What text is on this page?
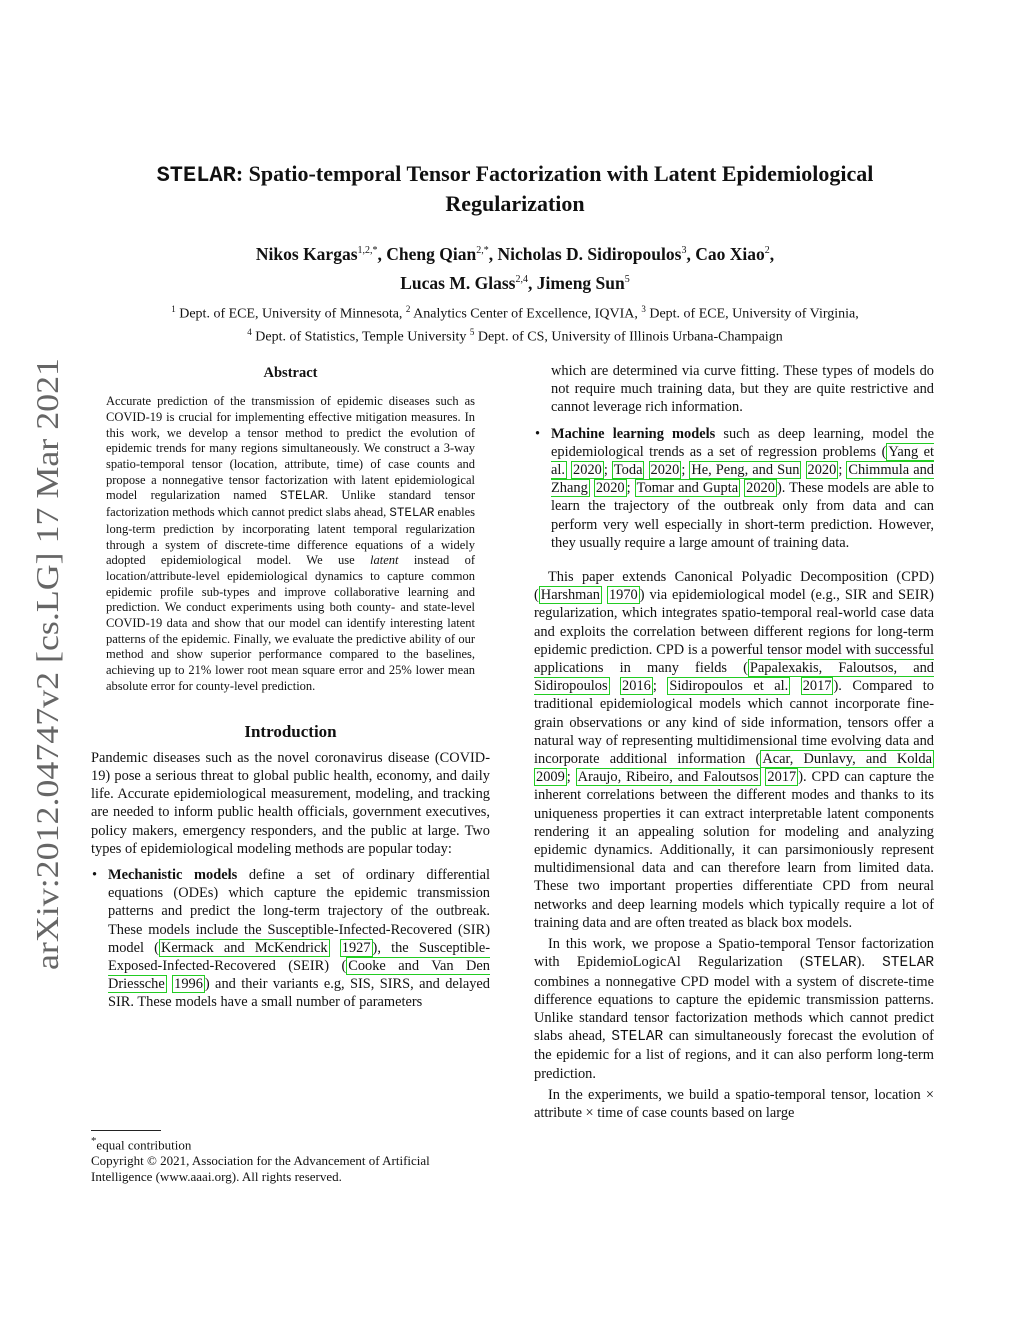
arXiv:2012.04747v2 [cs.LG] 17 Mar 2021
STELAR: Spatio-temporal Tensor Factorization with Latent Epidemiological Regularization
Nikos Kargas$^{1,2,*}$, Cheng Qian$^{2,*}$, Nicholas D. Sidiropoulos$^3$, Cao Xiao$^2$,
Lucas M. Glass$^{2,4}$, Jimeng Sun$^5$
$^1$ Dept. of ECE, University of Minnesota, $^2$ Analytics Center of Excellence, IQVIA, $^3$ Dept. of ECE, University of Virginia,
$^4$ Dept. of Statistics, Temple University $^5$ Dept. of CS, University of Illinois Urbana-Champaign
Abstract

Accurate prediction of the transmission of epidemic diseases such as COVID-19 is crucial for implementing effective mitigation measures. In this work, we develop a tensor method to predict the evolution of epidemic trends for many regions simultaneously. We construct a 3-way spatio-temporal tensor (location, attribute, time) of case counts and propose a nonnegative tensor factorization with latent epidemiological model regularization named STELAR. Unlike standard tensor factorization methods which cannot predict slabs ahead, STELAR enables long-term prediction by incorporating latent temporal regularization through a system of discrete-time difference equations of a widely adopted epidemiological model. We use latent instead of location/attribute-level epidemiological dynamics to capture common epidemic profile sub-types and improve collaborative learning and prediction. We conduct experiments using both county- and state-level COVID-19 data and show that our model can identify interesting latent patterns of the epidemic. Finally, we evaluate the predictive ability of our method and show superior performance compared to the baselines, achieving up to 21% lower root mean square error and 25% lower mean absolute error for county-level prediction.

Introduction

Pandemic diseases such as the novel coronavirus disease (COVID-19) pose a serious threat to global public health, economy, and daily life. Accurate epidemiological measurement, modeling, and tracking are needed to inform public health officials, government executives, policy makers, emergency responders, and the public at large. Two types of epidemiological modeling methods are popular today:

• Mechanistic models define a set of ordinary differential equations (ODEs) which capture the epidemic transmission patterns and predict the long-term trajectory of the outbreak. These models include the Susceptible-Infected-Recovered (SIR) model ( Kermack and McKendrick 1927 ), the Susceptible-Exposed-Infected-Recovered (SEIR) ( Cooke and Van Den Driessche 1996 ) and their variants e.g, SIS, SIRS, and delayed SIR. These models have a small number of parameters

*equal contribution
Copyright © 2021, Association for the Advancement of Artificial Intelligence (www.aaai.org). All rights reserved.

which are determined via curve fitting. These types of models do not require much training data, but they are quite restrictive and cannot leverage rich information.

• Machine learning models such as deep learning, model the epidemiological trends as a set of regression problems ( Yang et al. 2020 ; Toda 2020 ; He, Peng, and Sun 2020 ; Chimmula and Zhang 2020 ; Tomar and Gupta 2020 ). These models are able to learn the trajectory of the outbreak only from data and can perform very well especially in short-term prediction. However, they usually require a large amount of training data.

This paper extends Canonical Polyadic Decomposition (CPD) ( Harshman 1970 ) via epidemiological model (e.g., SIR and SEIR) regularization, which integrates spatio-temporal real-world case data and exploits the correlation between different regions for long-term epidemic prediction. CPD is a powerful tensor model with successful applications in many fields ( Papalexakis, Faloutsos, and Sidiropoulos 2016 ; Sidiropoulos et al. 2017 ). Compared to traditional epidemiological models which cannot incorporate fine-grain observations or any kind of side information, tensors offer a natural way of representing multidimensional time evolving data and incorporate additional information ( Acar, Dunlavy, and Kolda 2009 ; Araujo, Ribeiro, and Faloutsos 2017 ). CPD can capture the inherent correlations between the different modes and thanks to its uniqueness properties it can extract interpretable latent components rendering it an appealing solution for modeling and analyzing epidemic dynamics. Additionally, it can parsimoniously represent multidimensional data and can therefore learn from limited data. These two important properties differentiate CPD from neural networks and deep learning models which typically require a lot of training data and are often treated as black box models.

In this work, we propose a Spatio-temporal Tensor factorization with EpidemioLogicAl Regularization (STELAR). STELAR combines a nonnegative CPD model with a system of discrete-time difference equations to capture the epidemic transmission patterns. Unlike standard tensor factorization methods which cannot predict slabs ahead, STELAR can simultaneously forecast the evolution of the epidemic for a list of regions, and it can also perform long-term prediction.

In the experiments, we build a spatio-temporal tensor, location × attribute × time of case counts based on large
